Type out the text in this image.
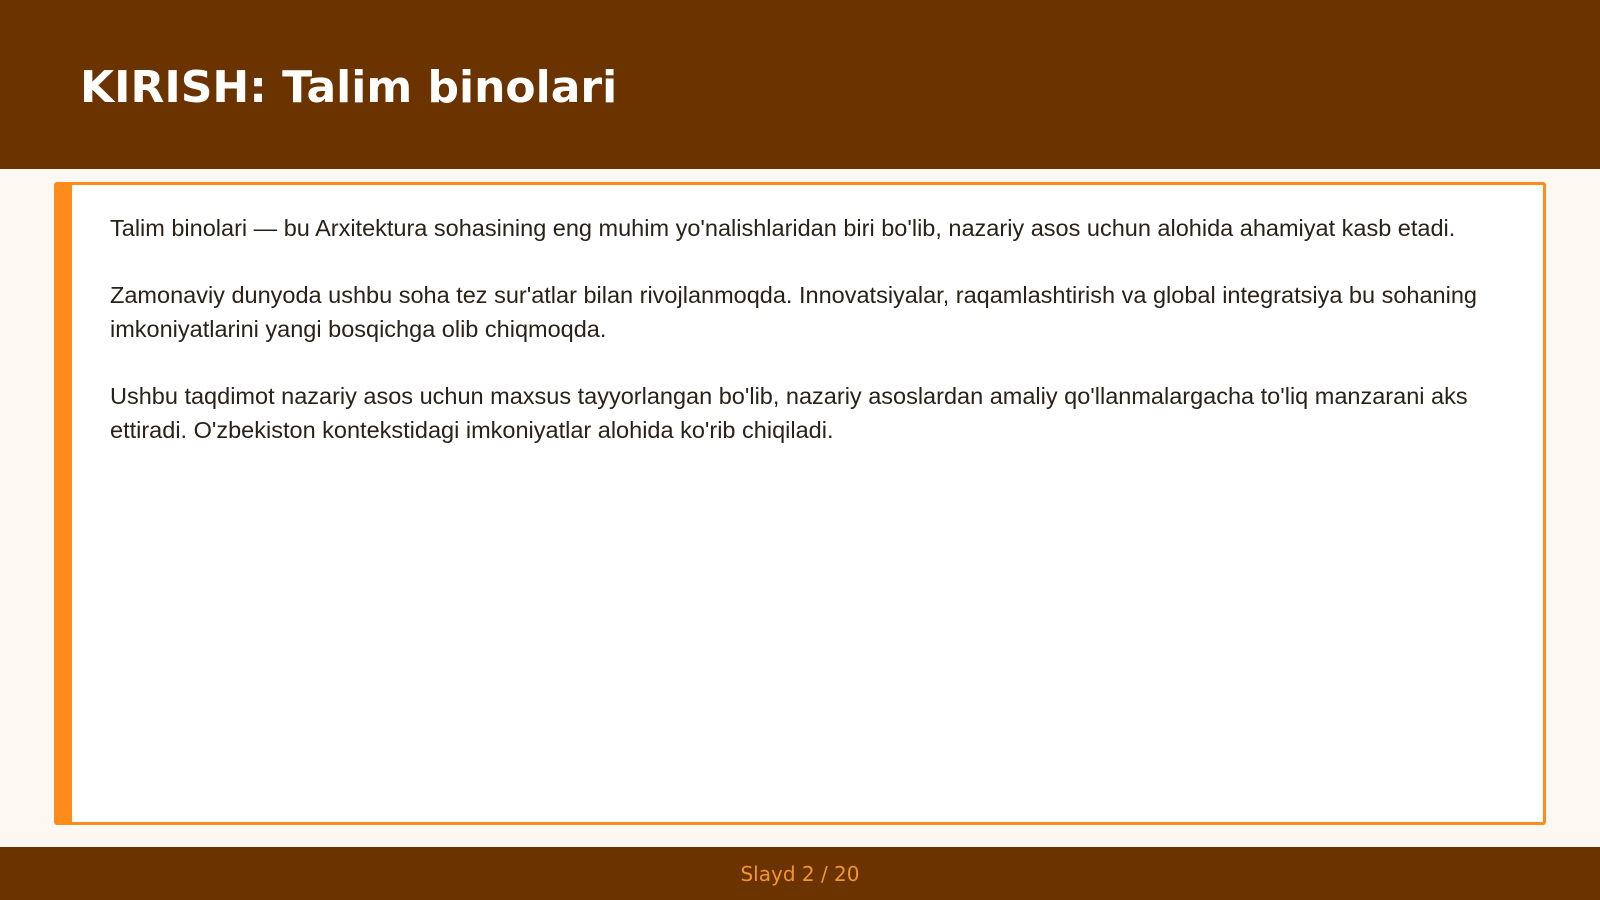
KIRISH: Talim binolari

Talim binolari — bu Arxitektura sohasining eng muhim yo'nalishlaridan biri bo'lib, nazariy asos uchun alohida ahamiyat kasb etadi.

Zamonaviy dunyoda ushbu soha tez sur'atlar bilan rivojlanmoqda. Innovatsiyalar, raqamlashtirish va global integratsiya bu sohaning imkoniyatlarini yangi bosqichga olib chiqmoqda.

Ushbu taqdimot nazariy asos uchun maxsus tayyorlangan bo'lib, nazariy asoslardan amaliy qo'llanmalargacha to'liq manzarani aks ettiradi. O'zbekiston kontekstidagi imkoniyatlar alohida ko'rib chiqiladi.

Slayd 2 / 20
